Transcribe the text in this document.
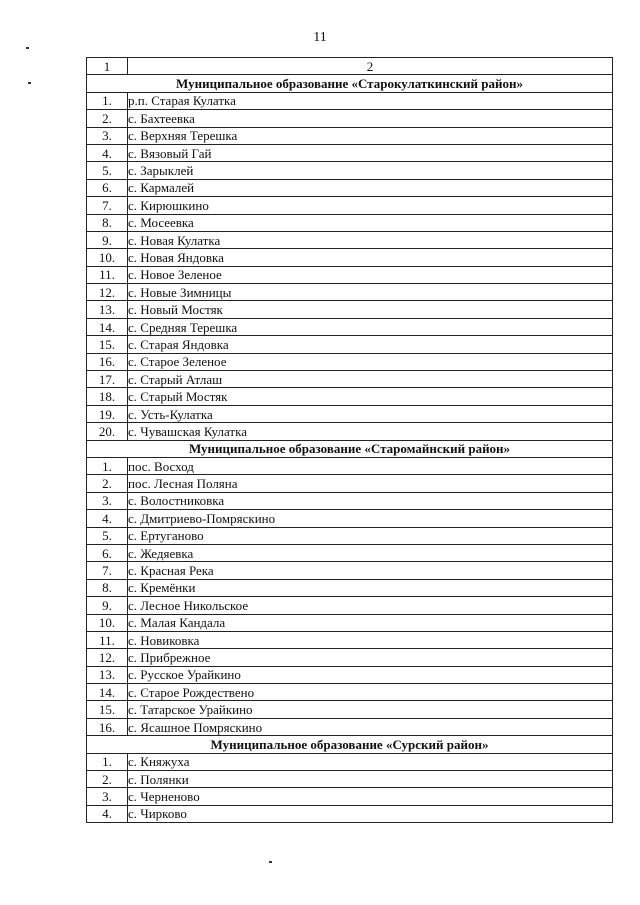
11
1	2
Муниципальное образование «Старокулаткинский район»	
1.	р.п. Старая Кулатка
2.	с. Бахтеевка
3.	с. Верхняя Терешка
4.	с. Вязовый Гай
5.	с. Зарыклей
6.	с. Кармалей
7.	с. Кирюшкино
8.	с. Мосеевка
9.	с. Новая Кулатка
10.	с. Новая Яндовка
11.	с. Новое Зеленое
12.	с. Новые Зимницы
13.	с. Новый Мостяк
14.	с. Средняя Терешка
15.	с. Старая Яндовка
16.	с. Старое Зеленое
17.	с. Старый Атлаш
18.	с. Старый Мостяк
19.	с. Усть-Кулатка
20.	с. Чувашская Кулатка
Муниципальное образование «Старомайнский район»	
1.	пос. Восход
2.	пос. Лесная Поляна
3.	с. Волостниковка
4.	с. Дмитриево-Помряскино
5.	с. Ертуганово
6.	с. Жедяевка
7.	с. Красная Река
8.	с. Кремёнки
9.	с. Лесное Никольское
10.	с. Малая Кандала
11.	с. Новиковка
12.	с. Прибрежное
13.	с. Русское Урайкино
14.	с. Старое Рождествено
15.	с. Татарское Урайкино
16.	с. Ясашное Помряскино
Муниципальное образование «Сурский район»	
1.	с. Княжуха
2.	с. Полянки
3.	с. Черненово
4.	с. Чирково
